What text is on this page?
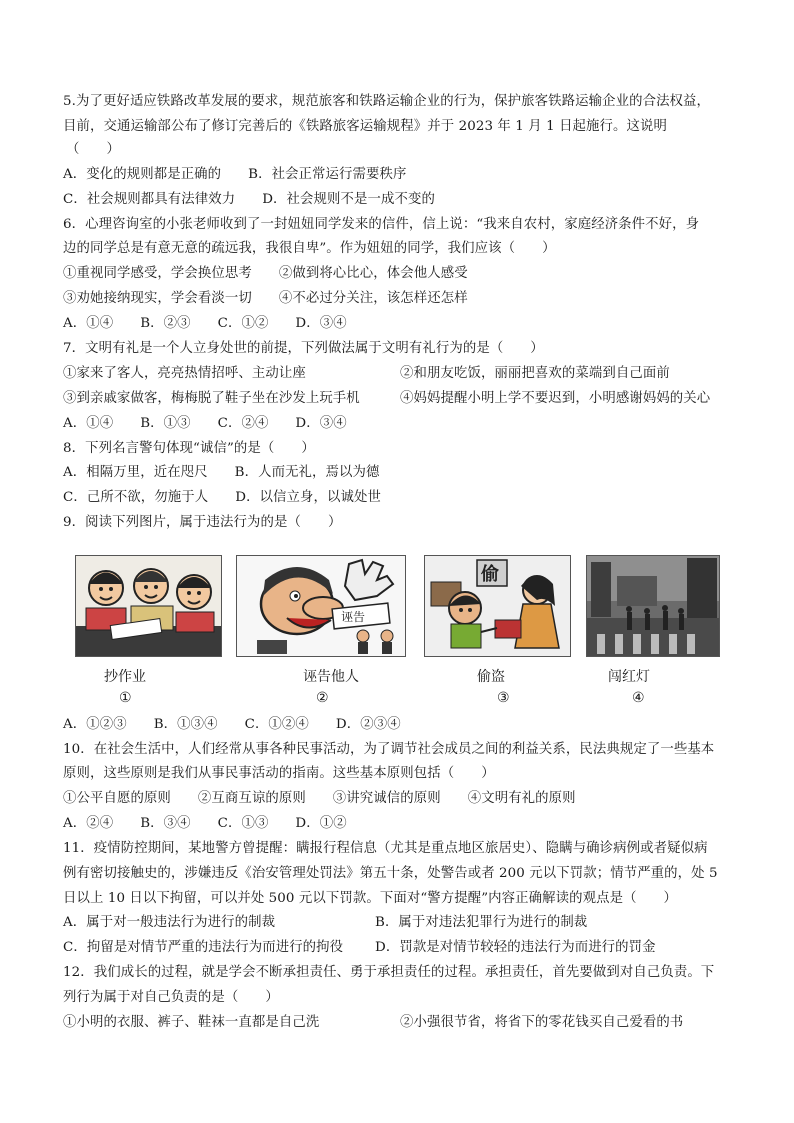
5.为了更好适应铁路改革发展的要求，规范旅客和铁路运输企业的行为，保护旅客铁路运输企业的合法权益，
目前，交通运输部公布了修订完善后的《铁路旅客运输规程》并于 2023 年 1 月 1 日起施行。这说明
（　　）
A．变化的规则都是正确的　　B．社会正常运行需要秩序
C．社会规则都具有法律效力　　D．社会规则不是一成不变的
6．心理咨询室的小张老师收到了一封妞妞同学发来的信件，信上说：“我来自农村，家庭经济条件不好，身
边的同学总是有意无意的疏远我，我很自卑”。作为妞妞的同学，我们应该（　　）
①重视同学感受，学会换位思考　　②做到将心比心，体会他人感受
③劝她接纳现实，学会看淡一切　　④不必过分关注，该怎样还怎样
A．①④　　B．②③　　C．①②　　D．③④
7．文明有礼是一个人立身处世的前提，下列做法属于文明有礼行为的是（　　）
①家来了客人，亮亮热情招呼、主动让座	②和朋友吃饭，丽丽把喜欢的菜端到自己面前
③到亲戚家做客，梅梅脱了鞋子坐在沙发上玩手机	④妈妈提醒小明上学不要迟到，小明感谢妈妈的关心
A．①④　　B．①③　　C．②④　　D．③④
8．下列名言警句体现“诚信”的是（　　）
A．相隔万里，近在咫尺　　B．人而无礼，焉以为德
C．己所不欲，勿施于人　　D．以信立身，以诚处世
9．阅读下列图片，属于违法行为的是（　　）
诬告
偷
抄作业	诬告他人	偷盗	闯红灯
①	②	③	④
A．①②③　　B．①③④　　C．①②④　　D．②③④
10．在社会生活中，人们经常从事各种民事活动，为了调节社会成员之间的利益关系，民法典规定了一些基本
原则，这些原则是我们从事民事活动的指南。这些基本原则包括（　　）
①公平自愿的原则　　②互商互谅的原则　　③讲究诚信的原则　　④文明有礼的原则
A．②④　　B．③④　　C．①③　　D．①②
11．疫情防控期间，某地警方曾提醒：瞒报行程信息（尤其是重点地区旅居史）、隐瞒与确诊病例或者疑似病
例有密切接触史的，涉嫌违反《治安管理处罚法》第五十条，处警告或者 200 元以下罚款；情节严重的，处 5
日以上 10 日以下拘留，可以并处 500 元以下罚款。下面对“警方提醒”内容正确解读的观点是（　　）
A．属于对一般违法行为进行的制裁	B．属于对违法犯罪行为进行的制裁
C．拘留是对情节严重的违法行为而进行的拘役 D．罚款是对情节较轻的违法行为而进行的罚金
12．我们成长的过程，就是学会不断承担责任、勇于承担责任的过程。承担责任，首先要做到对自己负责。下
列行为属于对自己负责的是（　　）
①小明的衣服、裤子、鞋袜一直都是自己洗	②小强很节省，将省下的零花钱买自己爱看的书
